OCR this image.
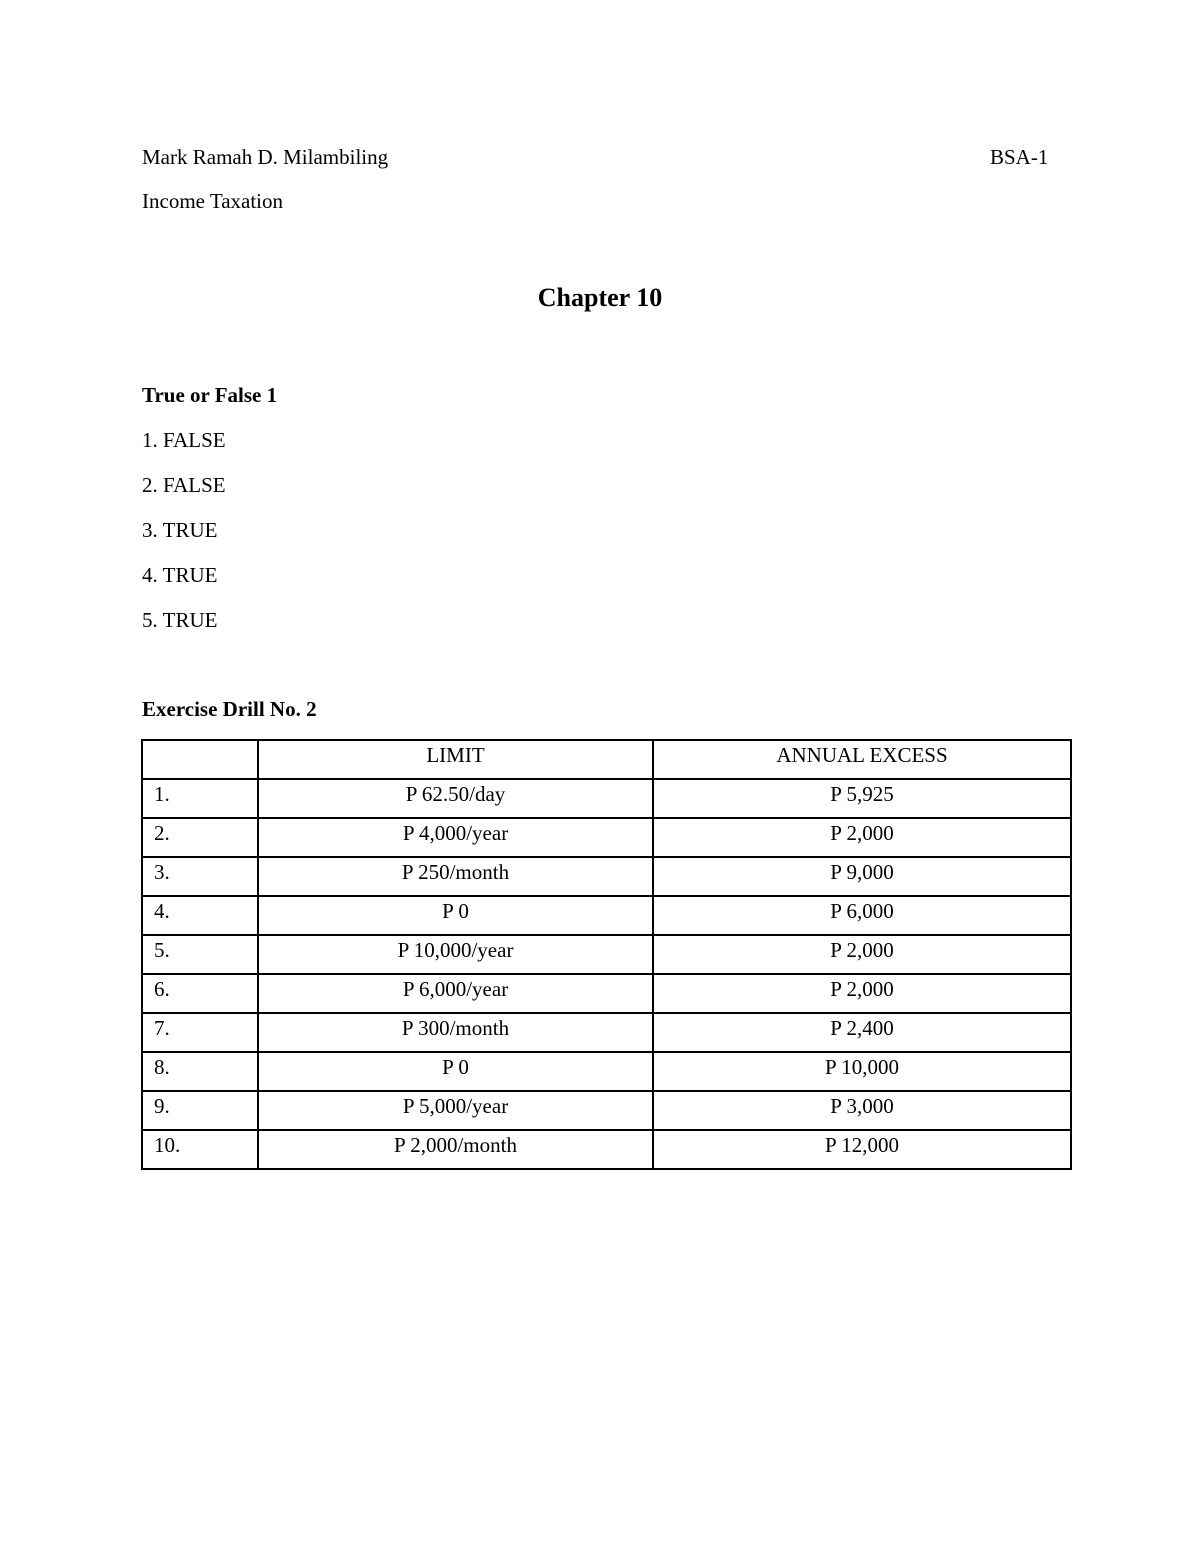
Mark Ramah D. Milambiling	BSA-1
Income Taxation
Chapter 10
True or False 1
1. FALSE
2. FALSE
3. TRUE
4. TRUE
5. TRUE
Exercise Drill No. 2
	LIMIT	ANNUAL EXCESS
1.	P 62.50/day	P 5,925
2.	P 4,000/year	P 2,000
3.	P 250/month	P 9,000
4.	P 0	P 6,000
5.	P 10,000/year	P 2,000
6.	P 6,000/year	P 2,000
7.	P 300/month	P 2,400
8.	P 0	P 10,000
9.	P 5,000/year	P 3,000
10.	P 2,000/month	P 12,000
